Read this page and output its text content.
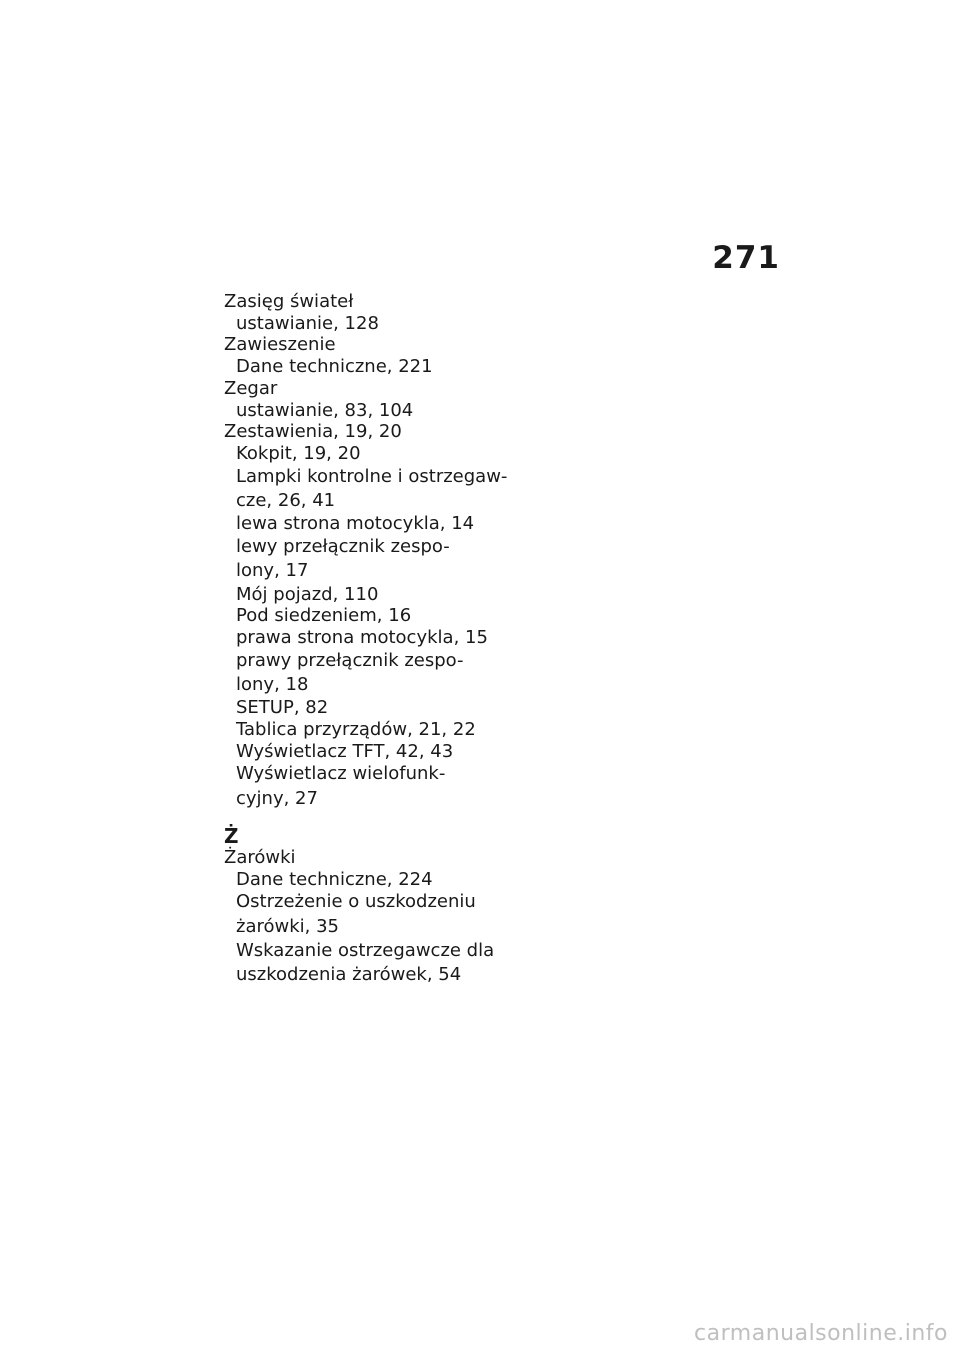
271
Zasięg świateł
ustawianie, 128
Zawieszenie
Dane techniczne, 221
Zegar
ustawianie, 83, 104
Zestawienia, 19, 20
Kokpit, 19, 20
Lampki kontrolne i ostrzegaw-
cze, 26, 41
lewa strona motocykla, 14
lewy przełącznik zespo-
lony, 17
Mój pojazd, 110
Pod siedzeniem, 16
prawa strona motocykla, 15
prawy przełącznik zespo-
lony, 18
SETUP, 82
Tablica przyrządów, 21, 22
Wyświetlacz TFT, 42, 43
Wyświetlacz wielofunk-
cyjny, 27
Ż
Żarówki
Dane techniczne, 224
Ostrzeżenie o uszkodzeniu
żarówki, 35
Wskazanie ostrzegawcze dla
uszkodzenia żarówek, 54
carmanualsonline.info
